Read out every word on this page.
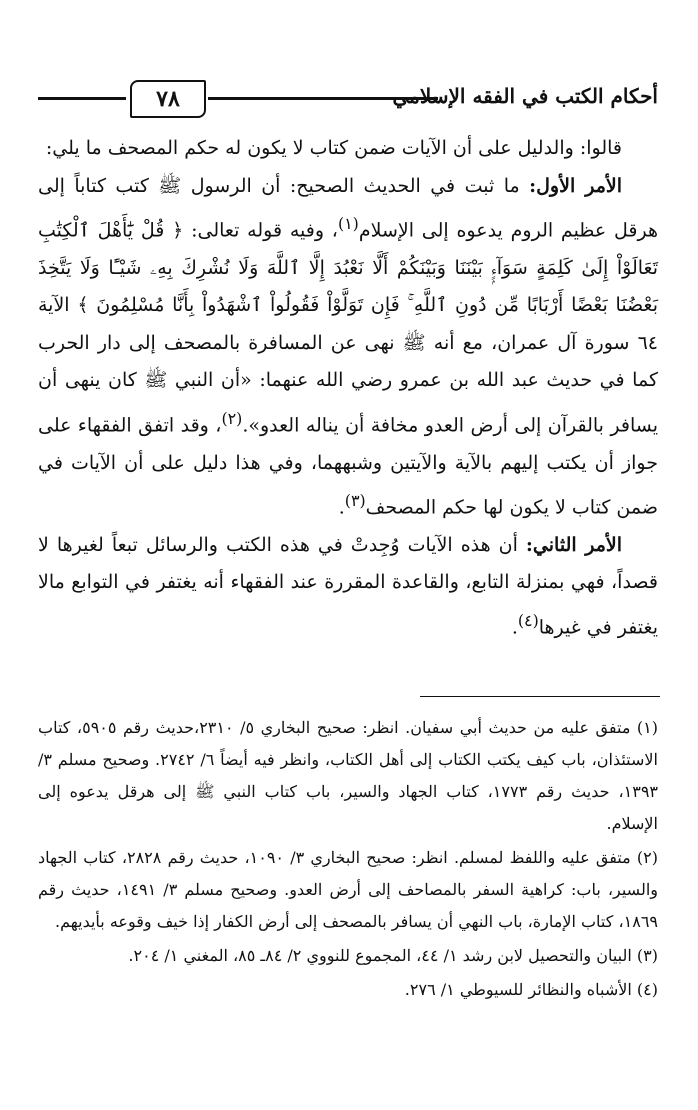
أحكام الكتب في الفقه الإسلامي
٧٨

قالوا: والدليل على أن الآيات ضمن كتاب لا يكون له حكم المصحف ما يلي:

الأمر الأول: ما ثبت في الحديث الصحيح: أن الرسول ﷺ كتب كتاباً إلى هرقل عظيم الروم يدعوه إلى الإسلام$^{(١)}$، وفيه قوله تعالى: ﴿ قُلْ يَٰٓأَهْلَ ٱلْكِتَٰبِ تَعَالَوْاْ إِلَىٰ كَلِمَةٍ سَوَآءٍۭ بَيْنَنَا وَبَيْنَكُمْ أَلَّا نَعْبُدَ إِلَّا ٱللَّهَ وَلَا نُشْرِكَ بِهِۦ شَيْـًٔا وَلَا يَتَّخِذَ بَعْضُنَا بَعْضًا أَرْبَابًا مِّن دُونِ ٱللَّهِ ۚ فَإِن تَوَلَّوْاْ فَقُولُواْ ٱشْهَدُواْ بِأَنَّا مُسْلِمُونَ ﴾ الآية ٦٤ سورة آل عمران، مع أنه ﷺ نهى عن المسافرة بالمصحف إلى دار الحرب كما في حديث عبد الله بن عمرو رضي الله عنهما: «أن النبي ﷺ كان ينهى أن يسافر بالقرآن إلى أرض العدو مخافة أن يناله العدو».$^{(٢)}$، وقد اتفق الفقهاء على جواز أن يكتب إليهم بالآية والآيتين وشبههما، وفي هذا دليل على أن الآيات في ضمن كتاب لا يكون لها حكم المصحف$^{(٣)}$.

الأمر الثاني: أن هذه الآيات وُجِدتْ في هذه الكتب والرسائل تبعاً لغيرها لا قصداً، فهي بمنزلة التابع، والقاعدة المقررة عند الفقهاء أنه يغتفر في التوابع مالا يغتفر في غيرها$^{(٤)}$.

(١) متفق عليه من حديث أبي سفيان. انظر: صحيح البخاري ٥/ ٢٣١٠،حديث رقم ٥٩٠٥، كتاب الاستئذان، باب كيف يكتب الكتاب إلى أهل الكتاب، وانظر فيه أيضاً ٦/ ٢٧٤٢. وصحيح مسلم ٣/ ١٣٩٣، حديث رقم ١٧٧٣، كتاب الجهاد والسير، باب كتاب النبي ﷺ إلى هرقل يدعوه إلى الإسلام.

(٢) متفق عليه واللفظ لمسلم. انظر: صحيح البخاري ٣/ ١٠٩٠، حديث رقم ٢٨٢٨، كتاب الجهاد والسير، باب: كراهية السفر بالمصاحف إلى أرض العدو. وصحيح مسلم ٣/ ١٤٩١، حديث رقم ١٨٦٩، كتاب الإمارة، باب النهي أن يسافر بالمصحف إلى أرض الكفار إذا خيف وقوعه بأيديهم.

(٣) البيان والتحصيل لابن رشد ١/ ٤٤، المجموع للنووي ٢/ ٨٤ـ ٨٥، المغني ١/ ٢٠٤.

(٤) الأشباه والنظائر للسيوطي ١/ ٢٧٦.
